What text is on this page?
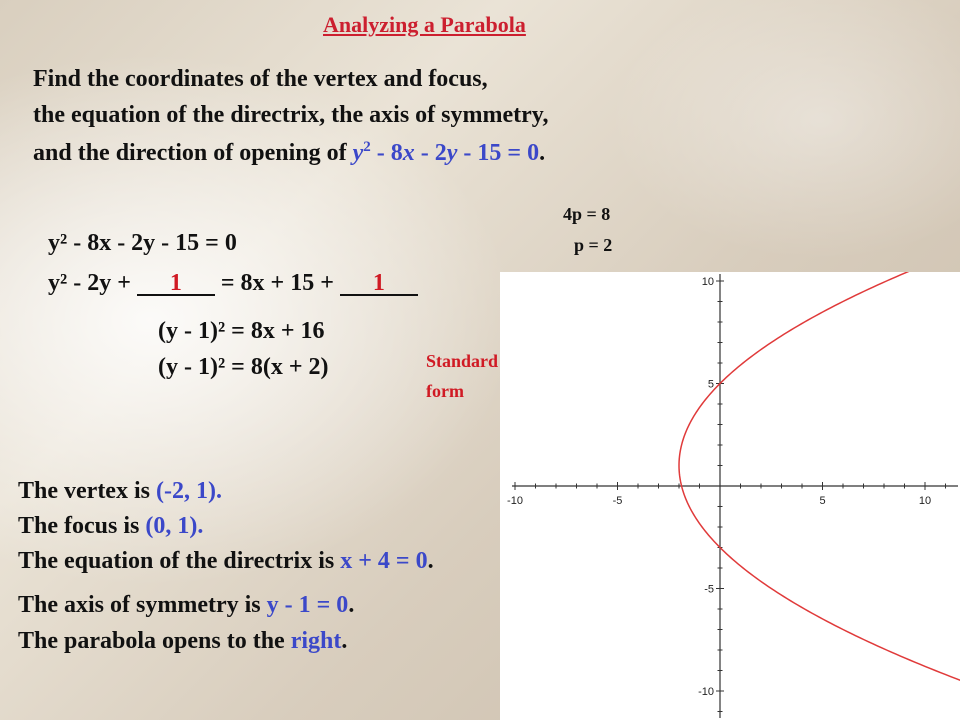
Analyzing a Parabola
Find the coordinates of the vertex and focus,
the equation of the directrix, the axis of symmetry,
and the direction of opening of $y^2 - 8x - 2y - 15 = 0$.
4p = 8
p = 2
y² - 8x - 2y - 15 = 0
y² - 2y + 1 = 8x + 15 + 1
(y - 1)² = 8x + 16
(y - 1)² = 8(x + 2)	Standard
form
The vertex is (-2, 1).
The focus is (0, 1).
The equation of the directrix is x + 4 = 0.
The axis of symmetry is y - 1 = 0.
The parabola opens to the right.
-10	-5	5	10
10
5
-5
-10
